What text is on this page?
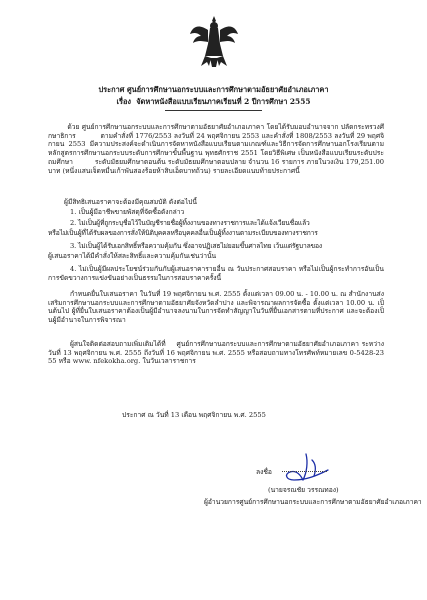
ประกาศ ศูนย์การศึกษานอกระบบและการศึกษาตามอัธยาศัยอำเภอเภาคา
เรื่อง จัดหาหนังสือแบบเรียนภาคเรียนที่ 2 ปีการศึกษา 2555
ด้วย ศูนย์การศึกษานอกระบบและการศึกษาตามอัธยาศัยอำเภอเภาคา โดยได้รับมอบอำนาจจาก ปลัดกระทรวงศึกษาธิการ           ตามคำสั่งที่ 1776/2553 ลงวันที่ 24 พฤศจิกายน 2553 และคำสั่งที่ 1808/2553 ลงวันที่ 29 พฤศจิกายน 2553 มีความประสงค์จะดำเนินการจัดหาหนังสือแบบเรียนตามเกณฑ์และวิธีการจัดการศึกษานอกโรงเรียนตามหลักสูตรการศึกษานอกระบบระดับการศึกษาขั้นพื้นฐาน พุทธศักราช 2551 โดยวิธีพิเศษ เป็นหนังสือแบบเรียนระดับประถมศึกษา          ระดับมัธยมศึกษาตอนต้น ระดับมัธยมศึกษาตอนปลาย จำนวน 16 รายการ ภายในวงเงิน 179,251.00 บาท (หนึ่งแสนเจ็ดหมื่นเก้าพันสองร้อยห้าสิบเอ็ดบาทถ้วน) รายละเอียดแนบท้ายประกาศนี้
ผู้มีสิทธิเสนอราคาจะต้องมีคุณสมบัติ ดังต่อไปนี้
1. เป็นผู้มีอาชีพขายพัสดุที่จัดซื้อดังกล่าว
2. ไม่เป็นผู้ที่ถูกระบุชื่อไว้ในบัญชีรายชื่อผู้ทิ้งงานของทางราชการและได้แจ้งเวียนชื่อแล้ว
หรือไม่เป็นผู้ที่ได้รับผลของการสั่งให้นิติบุคคลหรือบุคคลอื่นเป็นผู้ทิ้งงานตามระเบียบของทางราชการ
3. ไม่เป็นผู้ได้รับเอกสิทธิ์หรือความคุ้มกัน ซึ่งอาจปฏิเสธไม่ยอมขึ้นศาลไทย เว้นแต่รัฐบาลของ
ผู้เสนอราคาได้มีคำสั่งให้สละสิทธิ์และความคุ้มกันเช่นว่านั้น
4. ไม่เป็นผู้มีผลประโยชน์ร่วมกันกับผู้เสนอราคารายอื่น ณ วันประกาศสอบราคา หรือไม่เป็นผู้กระทำการอันเป็นการขัดขวางการแข่งขันอย่างเป็นธรรมในการสอบราคาครั้งนี้
กำหนดยื่นใบเสนอราคา ในวันที่ 19 พฤศจิกายน พ.ศ. 2555 ตั้งแต่เวลา 09.00 น. - 10.00 น. ณ สำนักงานส่งเสริมการศึกษานอกระบบและการศึกษาตามอัธยาศัยจังหวัดลำปาง และพิจารณาผลการจัดซื้อ ตั้งแต่เวลา 10.00 น. เป็นต้นไป ผู้ที่ยื่นใบเสนอราคาต้องเป็นผู้มีอำนาจลงนามในการจัดทำสัญญาในวันที่ยื่นเอกสารตามที่ประกาศ และจะต้องเป็นผู้มีอำนาจในการพิจารณา
ผู้สนใจติดต่อสอบถามเพิ่มเติมได้ที่    ศูนย์การศึกษานอกระบบและการศึกษาตามอัธยาศัยอำเภอเภาคา ระหว่างวันที่ 13 พฤศจิกายน พ.ศ. 2555 ถึงวันที่ 16 พฤศจิกายน พ.ศ. 2555 หรือสอบถามทางโทรศัพท์หมายเลข 0-5428-2355 หรือ www. nfekokha.org. ในวันเวลาราชการ
ประกาศ ณ วันที่ 13 เดือน พฤศจิกายน พ.ศ. 2555
ลงชื่อ
(นายจรณชัย วรรณทอง)
ผู้อำนวยการศูนย์การศึกษานอกระบบและการศึกษาตามอัธยาศัยอำเภอเภาคา
